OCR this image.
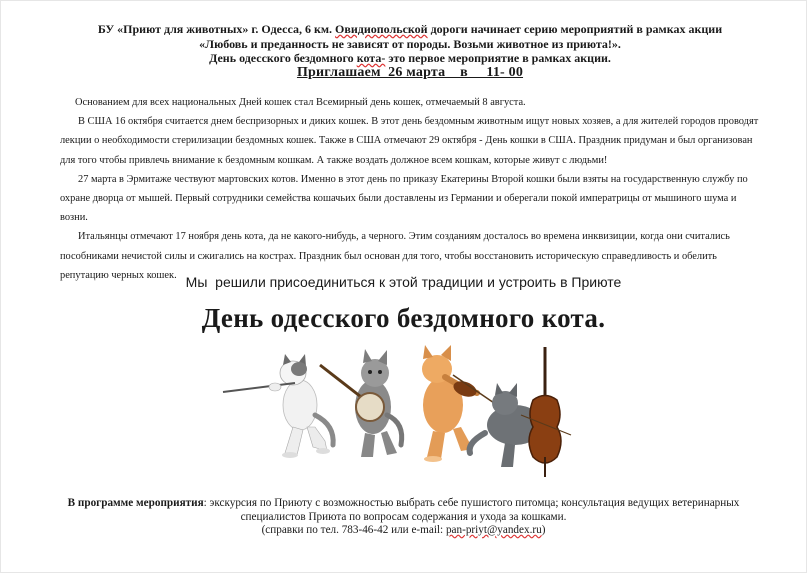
БУ «Приют для животных» г. Одесса, 6 км. Овидиопольской дороги начинает серию мероприятий в рамках акции

«Любовь и преданность не зависят от породы. Возьми животное из приюта!».

День одесского бездомного кота- это первое мероприятие в рамках акции.

Приглашаем  26 марта    в     11- 00

Основанием для всех национальных Дней кошек стал Всемирный день кошек, отмечаемый 8 августа.

В США 16 октября считается днем беспризорных и диких кошек. В этот день бездомным животным ищут новых хозяев, а для жителей городов проводят лекции о необходимости стерилизации бездомных кошек. Также в США отмечают 29 октября - День кошки в США. Праздник придуман и был организован для того чтобы привлечь внимание к бездомным кошкам. А также воздать должное всем кошкам, которые живут с людьми!

27 марта в Эрмитаже чествуют мартовских котов. Именно в этот день по приказу Екатерины Второй кошки были взяты на государственную службу по охране дворца от мышей. Первый сотрудники семейства кошачьих были доставлены из Германии и оберегали покой императрицы от мышиного шума и возни.

Итальянцы отмечают 17 ноября день кота, да не какого-нибудь, а черного. Этим созданиям досталось во времена инквизиции, когда они считались пособниками нечистой силы и сжигались на кострах. Праздник был основан для того, чтобы восстановить историческую справедливость и обелить репутацию черных кошек. Мы  решили присоединиться к этой традиции и устроить в Приюте
День одесского бездомного кота.

В программе мероприятия: экскурсия по Приюту с возможностью выбрать себе пушистого питомца; консультация ведущих ветеринарных специалистов Приюта по вопросам содержания и ухода за кошками.

(справки по тел. 783-46-42 или e-mail: pan-priyt@yandex.ru)
